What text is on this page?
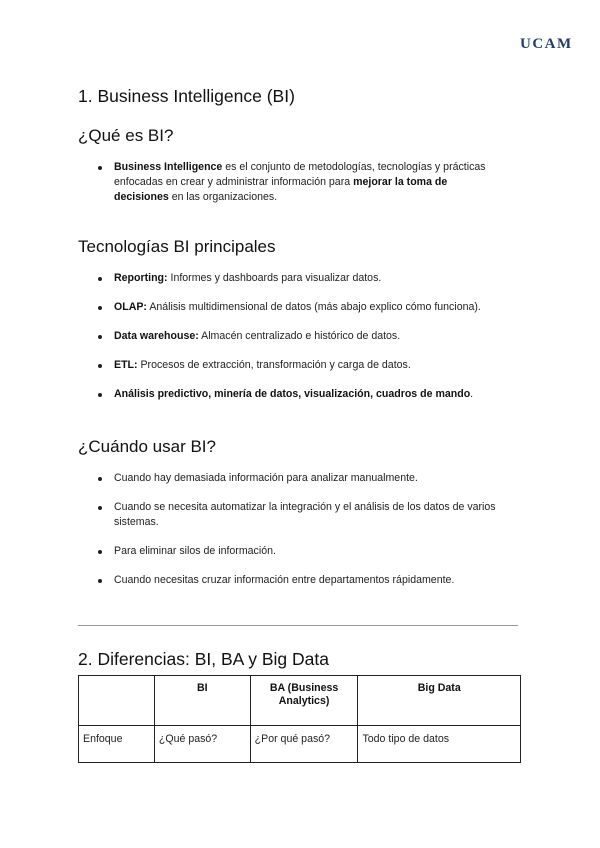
UCAM
1. Business Intelligence (BI)
¿Qué es BI?
Business Intelligence es el conjunto de metodologías, tecnologías y prácticas enfocadas en crear y administrar información para mejorar la toma de decisiones en las organizaciones.
Tecnologías BI principales
Reporting: Informes y dashboards para visualizar datos.
OLAP: Análisis multidimensional de datos (más abajo explico cómo funciona).
Data warehouse: Almacén centralizado e histórico de datos.
ETL: Procesos de extracción, transformación y carga de datos.
Análisis predictivo, minería de datos, visualización, cuadros de mando.
¿Cuándo usar BI?
Cuando hay demasiada información para analizar manualmente.
Cuando se necesita automatizar la integración y el análisis de los datos de varios sistemas.
Para eliminar silos de información.
Cuando necesitas cruzar información entre departamentos rápidamente.
2. Diferencias: BI, BA y Big Data
	BI	BA (Business Analytics)	Big Data
Enfoque	¿Qué pasó?	¿Por qué pasó?	Todo tipo de datos
